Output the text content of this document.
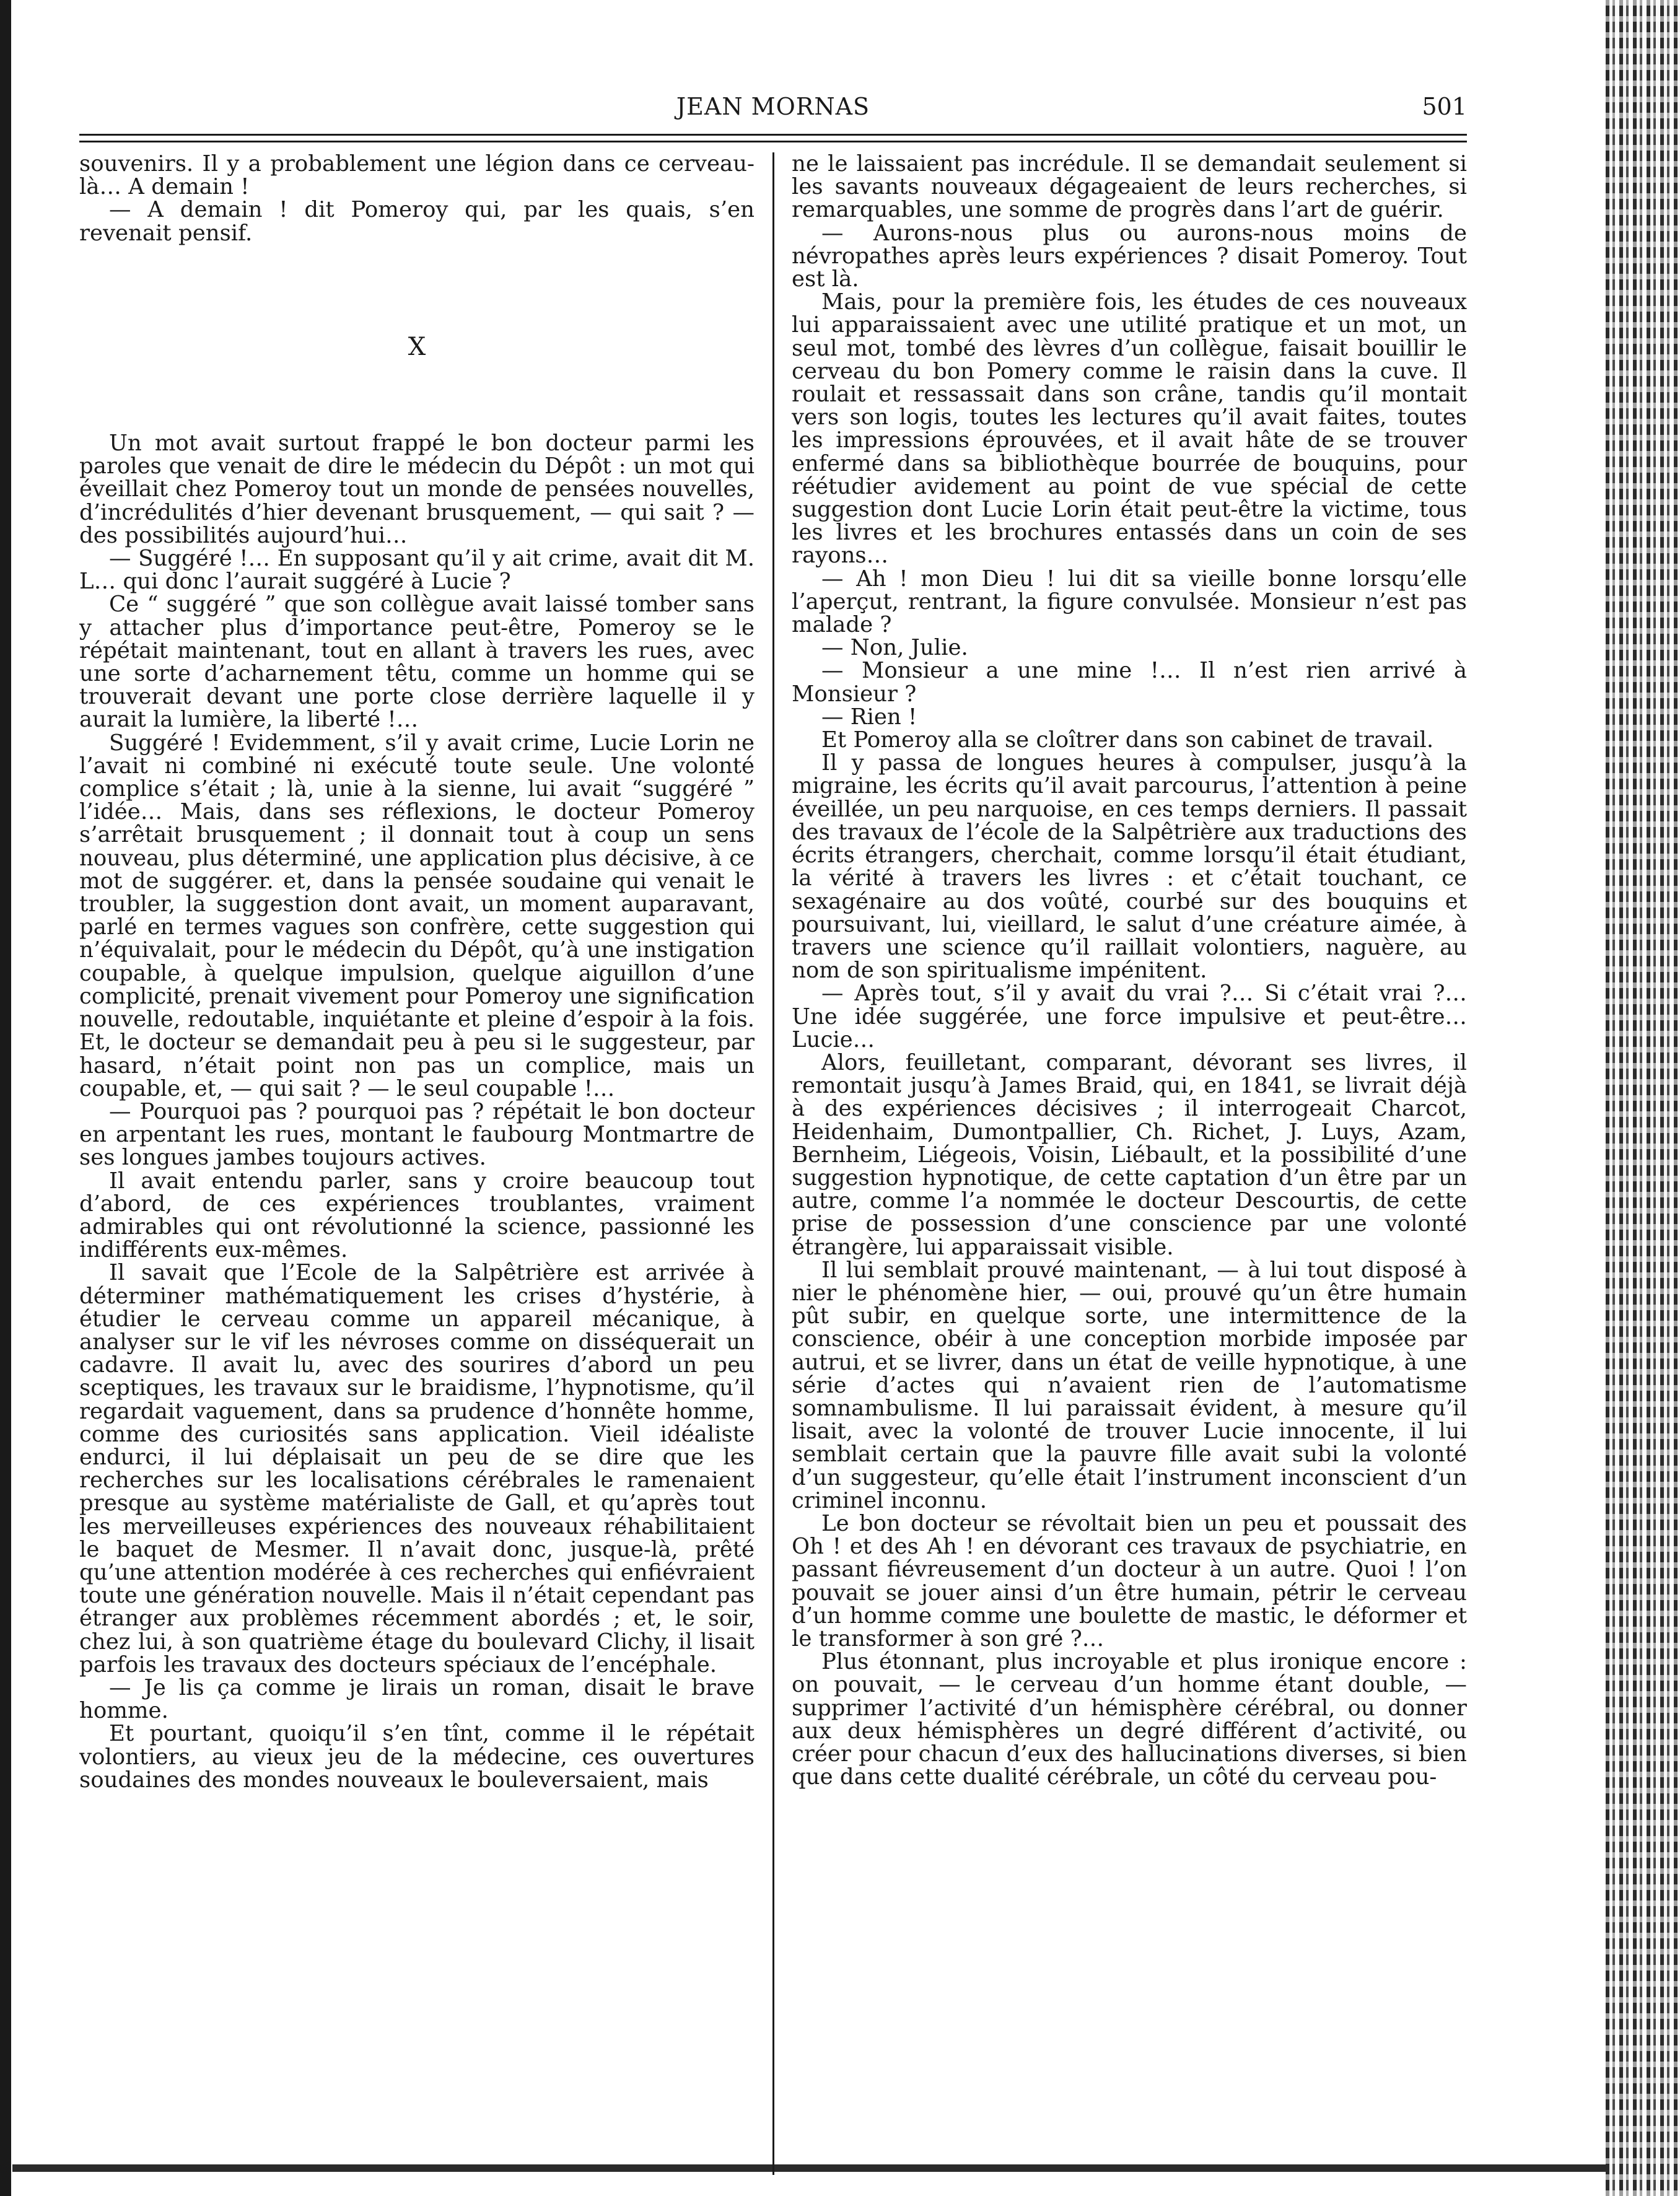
JEAN MORNAS	501

souvenirs. Il y a probablement une légion dans ce cerveau-là… A demain !

— A demain ! dit Pomeroy qui, par les quais, s’en revenait pensif.

X

Un mot avait surtout frappé le bon docteur parmi les paroles que venait de dire le médecin du Dépôt : un mot qui éveillait chez Pomeroy tout un monde de pensées nouvelles, d’incrédulités d’hier devenant brusquement, — qui sait ? — des possibilités aujourd’hui…

— Suggéré !… En supposant qu’il y ait crime, avait dit M. L… qui donc l’aurait suggéré à Lucie ?

Ce “ suggéré ” que son collègue avait laissé tomber sans y attacher plus d’importance peut-être, Pomeroy se le répétait maintenant, tout en allant à travers les rues, avec une sorte d’acharnement têtu, comme un homme qui se trouverait devant une porte close derrière laquelle il y aurait la lumière, la liberté !…

Suggéré ! Evidemment, s’il y avait crime, Lucie Lorin ne l’avait ni combiné ni exécuté toute seule. Une volonté complice s’était ; là, unie à la sienne, lui avait “suggéré ” l’idée… Mais, dans ses réflexions, le docteur Pomeroy s’arrêtait brusquement ; il donnait tout à coup un sens nouveau, plus déterminé, une application plus décisive, à ce mot de suggérer. et, dans la pensée soudaine qui venait le troubler, la suggestion dont avait, un moment auparavant, parlé en termes vagues son confrère, cette suggestion qui n’équivalait, pour le médecin du Dépôt, qu’à une instigation coupable, à quelque impulsion, quelque aiguillon d’une complicité, prenait vivement pour Pomeroy une signification nouvelle, redoutable, inquiétante et pleine d’espoir à la fois. Et, le docteur se demandait peu à peu si le suggesteur, par hasard, n’était point non pas un complice, mais un coupable, et, — qui sait ? — le seul coupable !…

— Pourquoi pas ? pourquoi pas ? répétait le bon docteur en arpentant les rues, montant le faubourg Montmartre de ses longues jambes toujours actives.

Il avait entendu parler, sans y croire beaucoup tout d’abord, de ces expériences troublantes, vraiment admirables qui ont révolutionné la science, passionné les indifférents eux-mêmes.

Il savait que l’Ecole de la Salpêtrière est arrivée à déterminer mathématiquement les crises d’hystérie, à étudier le cerveau comme un appareil mécanique, à analyser sur le vif les névroses comme on disséquerait un cadavre. Il avait lu, avec des sourires d’abord un peu sceptiques, les travaux sur le braidisme, l’hypnotisme, qu’il regardait vaguement, dans sa prudence d’honnête homme, comme des curiosités sans application. Vieil idéaliste endurci, il lui déplaisait un peu de se dire que les recherches sur les localisations cérébrales le ramenaient presque au système matérialiste de Gall, et qu’après tout les merveilleuses expériences des nouveaux réhabilitaient le baquet de Mesmer. Il n’avait donc, jusque-là, prêté qu’une attention modérée à ces recherches qui enfiévraient toute une génération nouvelle. Mais il n’était cependant pas étranger aux problèmes récemment abordés ; et, le soir, chez lui, à son quatrième étage du boulevard Clichy, il lisait parfois les travaux des docteurs spéciaux de l’encéphale.

— Je lis ça comme je lirais un roman, disait le brave homme.

Et pourtant, quoiqu’il s’en tînt, comme il le répétait volontiers, au vieux jeu de la médecine, ces ouvertures soudaines des mondes nouveaux le bouleversaient, mais

ne le laissaient pas incrédule. Il se demandait seulement si les savants nouveaux dégageaient de leurs recherches, si remarquables, une somme de progrès dans l’art de guérir.

— Aurons-nous plus ou aurons-nous moins de névropathes après leurs expériences ? disait Pomeroy. Tout est là.

Mais, pour la première fois, les études de ces nouveaux lui apparaissaient avec une utilité pratique et un mot, un seul mot, tombé des lèvres d’un collègue, faisait bouillir le cerveau du bon Pomery comme le raisin dans la cuve. Il roulait et ressassait dans son crâne, tandis qu’il montait vers son logis, toutes les lectures qu’il avait faites, toutes les impressions éprouvées, et il avait hâte de se trouver enfermé dans sa bibliothèque bourrée de bouquins, pour réétudier avidement au point de vue spécial de cette suggestion dont Lucie Lorin était peut-être la victime, tous les livres et les brochures entassés dans un coin de ses rayons…

— Ah ! mon Dieu ! lui dit sa vieille bonne lorsqu’elle l’aperçut, rentrant, la figure convulsée. Monsieur n’est pas malade ?

— Non, Julie.

— Monsieur a une mine !… Il n’est rien arrivé à Monsieur ?

— Rien !

Et Pomeroy alla se cloîtrer dans son cabinet de travail.

Il y passa de longues heures à compulser, jusqu’à la migraine, les écrits qu’il avait parcourus, l’attention à peine éveillée, un peu narquoise, en ces temps derniers. Il passait des travaux de l’école de la Salpêtrière aux traductions des écrits étrangers, cherchait, comme lorsqu’il était étudiant, la vérité à travers les livres : et c’était touchant, ce sexagénaire au dos voûté, courbé sur des bouquins et poursuivant, lui, vieillard, le salut d’une créature aimée, à travers une science qu’il raillait volontiers, naguère, au nom de son spiritualisme impénitent.

— Après tout, s’il y avait du vrai ?… Si c’était vrai ?… Une idée suggérée, une force impulsive et peut-être… Lucie…

Alors, feuilletant, comparant, dévorant ses livres, il remontait jusqu’à James Braid, qui, en 1841, se livrait déjà à des expériences décisives ; il interrogeait Charcot, Heidenhaim, Dumontpallier, Ch. Richet, J. Luys, Azam, Bernheim, Liégeois, Voisin, Liébault, et la possibilité d’une suggestion hypnotique, de cette captation d’un être par un autre, comme l’a nommée le docteur Descourtis, de cette prise de possession d’une conscience par une volonté étrangère, lui apparaissait visible.

Il lui semblait prouvé maintenant, — à lui tout disposé à nier le phénomène hier, — oui, prouvé qu’un être humain pût subir, en quelque sorte, une intermittence de la conscience, obéir à une conception morbide imposée par autrui, et se livrer, dans un état de veille hypnotique, à une série d’actes qui n’avaient rien de l’automatisme somnambulisme. Il lui paraissait évident, à mesure qu’il lisait, avec la volonté de trouver Lucie innocente, il lui semblait certain que la pauvre fille avait subi la volonté d’un suggesteur, qu’elle était l’instrument inconscient d’un criminel inconnu.

Le bon docteur se révoltait bien un peu et poussait des Oh ! et des Ah ! en dévorant ces travaux de psychiatrie, en passant fiévreusement d’un docteur à un autre. Quoi ! l’on pouvait se jouer ainsi d’un être humain, pétrir le cerveau d’un homme comme une boulette de mastic, le déformer et le transformer à son gré ?…

Plus étonnant, plus incroyable et plus ironique encore : on pouvait, — le cerveau d’un homme étant double, — supprimer l’activité d’un hémisphère cérébral, ou donner aux deux hémisphères un degré différent d’activité, ou créer pour chacun d’eux des hallucinations diverses, si bien que dans cette dualité cérébrale, un côté du cerveau pou-
